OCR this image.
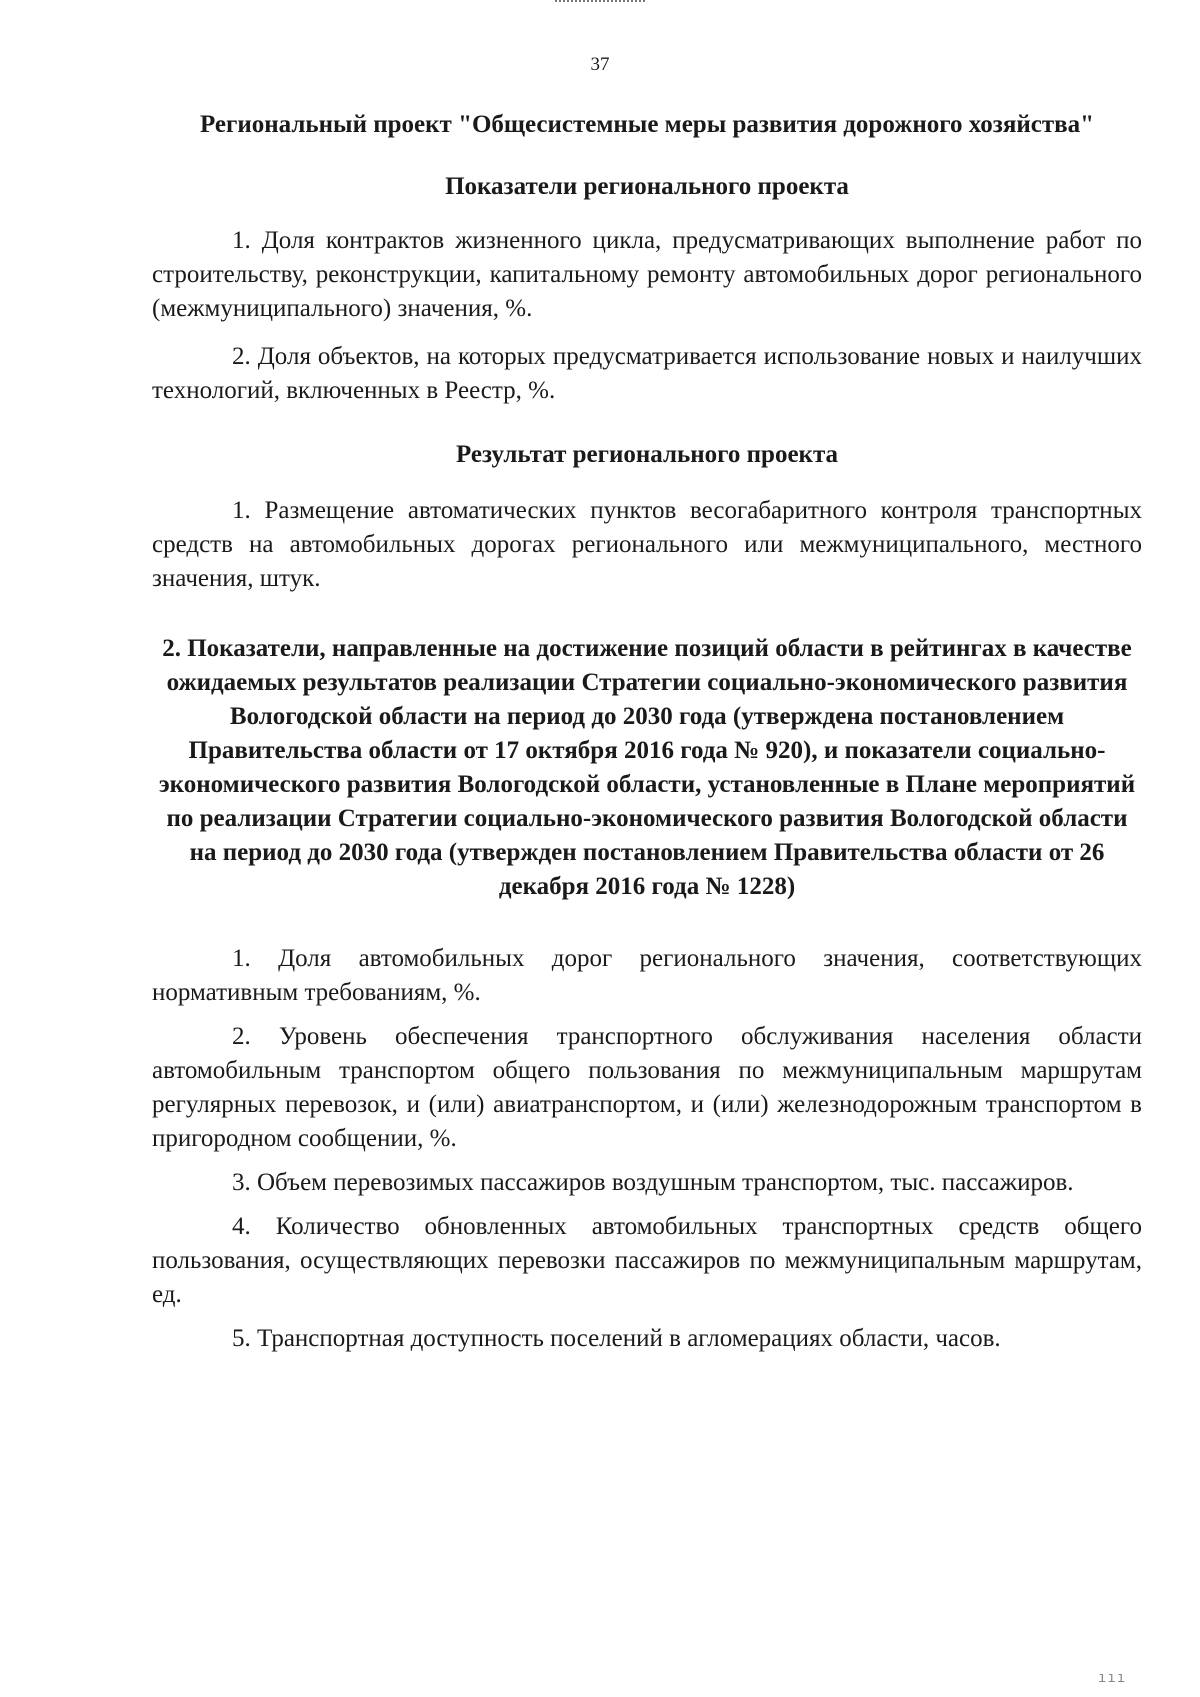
37

Региональный проект "Общесистемные меры развития дорожного хозяйства"

Показатели регионального проекта

1. Доля контрактов жизненного цикла, предусматривающих выполнение работ по строительству, реконструкции, капитальному ремонту автомобильных дорог регионального (межмуниципального) значения, %.

2. Доля объектов, на которых предусматривается использование новых и наилучших технологий, включенных в Реестр, %.

Результат регионального проекта

1. Размещение автоматических пунктов весогабаритного контроля транспортных средств на автомобильных дорогах регионального или межмуниципального, местного значения, штук.

2. Показатели, направленные на достижение позиций области в рейтингах в качестве ожидаемых результатов реализации Стратегии социально-экономического развития Вологодской области на период до 2030 года (утверждена постановлением Правительства области от 17 октября 2016 года № 920), и показатели социально-экономического развития Вологодской области, установленные в Плане мероприятий по реализации Стратегии социально-экономического развития Вологодской области на период до 2030 года (утвержден постановлением Правительства области от 26 декабря 2016 года № 1228)

1. Доля автомобильных дорог регионального значения, соответствующих нормативным требованиям, %.

2. Уровень обеспечения транспортного обслуживания населения области автомобильным транспортом общего пользования по межмуниципальным маршрутам регулярных перевозок, и (или) авиатранспортом, и (или) железнодорожным транспортом в пригородном сообщении, %.

3. Объем перевозимых пассажиров воздушным транспортом, тыс. пассажиров.

4. Количество обновленных автомобильных транспортных средств общего пользования, осуществляющих перевозки пассажиров по межмуниципальным маршрутам, ед.

5. Транспортная доступность поселений в агломерациях области, часов.

ııı
